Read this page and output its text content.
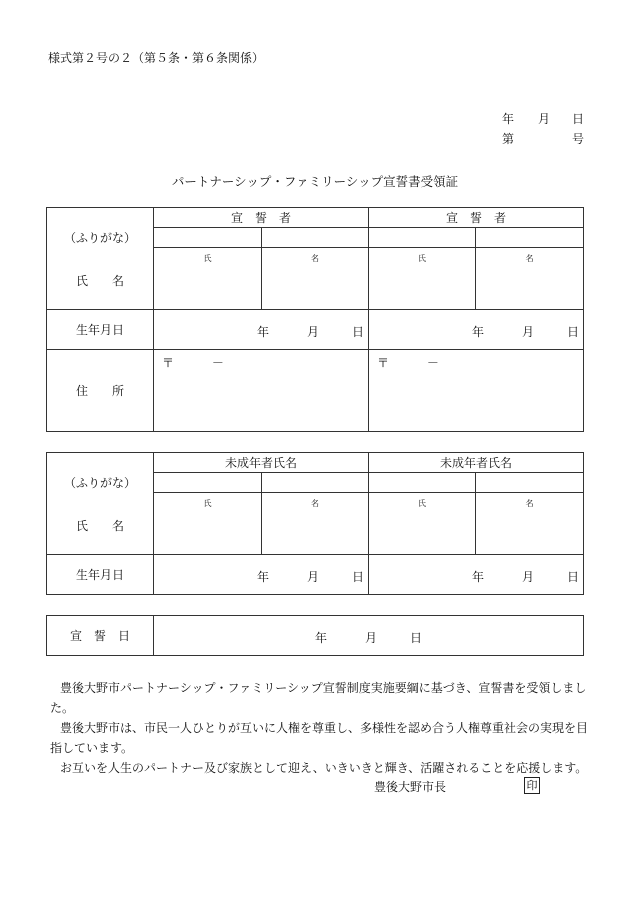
様式第２号の２（第５条・第６条関係）
年 月 日
第	号
パートナーシップ・ファミリーシップ宣誓書受領証
（ふりがな）
氏　　名	宣　誓　者		宣　誓　者	

	氏	名	氏	名
生年月日	年 月 日		年 月 日	

住　　所	〒 －		〒 －	
（ふりがな）
氏　　名	未成年者氏名		未成年者氏名	

	氏	名	氏	名
生年月日	年 月 日		年 月 日	
宣　誓　日	年	月	日

豊後大野市パートナーシップ・ファミリーシップ宣誓制度実施要綱に基づき、宣誓書を受領しました。

豊後大野市は、市民一人ひとりが互いに人権を尊重し、多様性を認め合う人権尊重社会の実現を目指しています。

お互いを人生のパートナー及び家族として迎え、いきいきと輝き、活躍されることを応援します。

豊後大野市長	印
